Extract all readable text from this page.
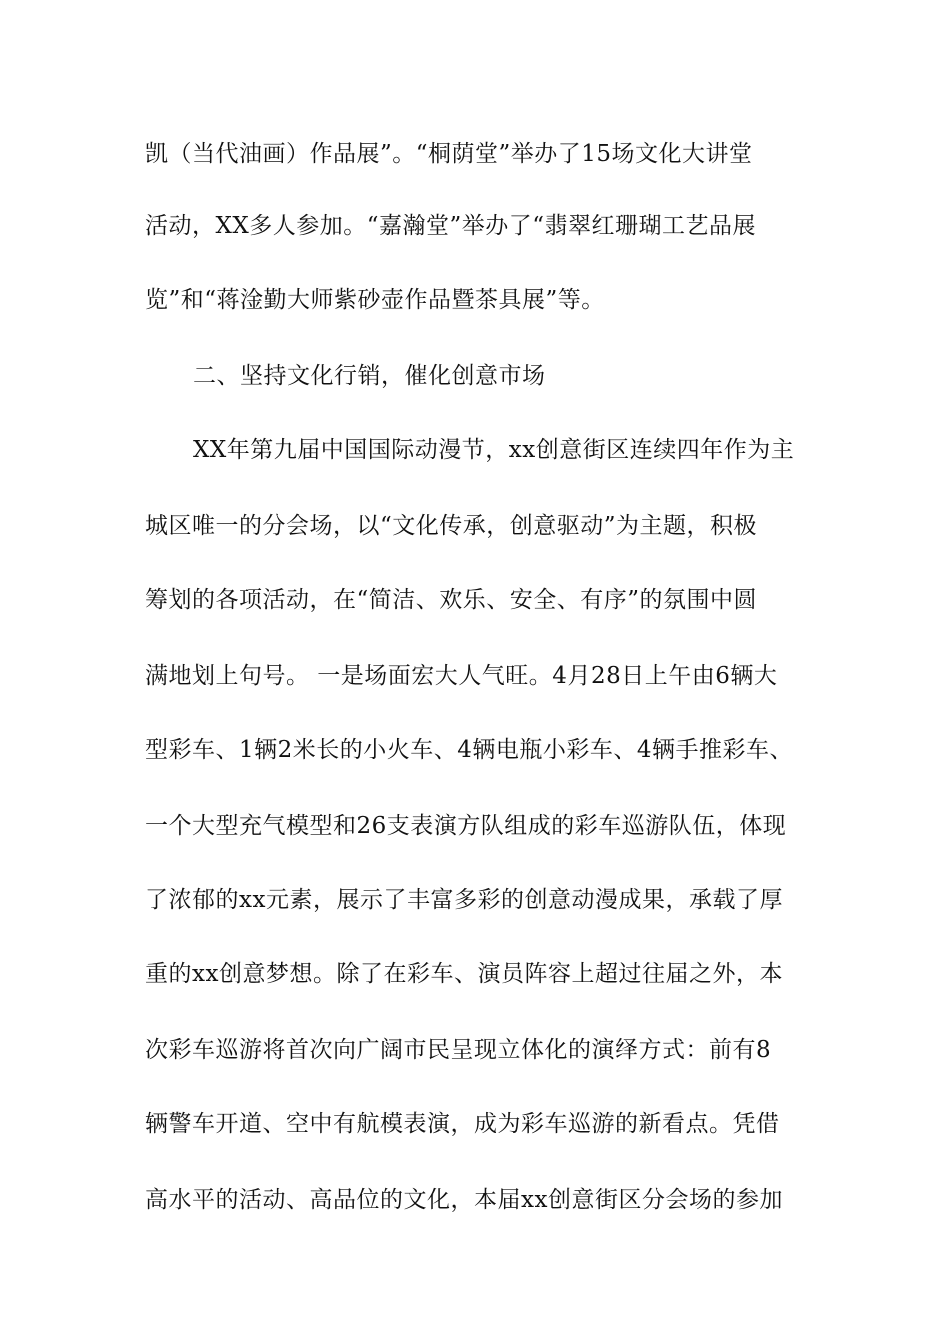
凯（当代油画）作品展”。“桐荫堂”举办了15场文化大讲堂
活动，XX多人参加。“嘉瀚堂”举办了“翡翠红珊瑚工艺品展
览”和“蒋淦勤大师紫砂壶作品暨茶具展”等。
二、坚持文化行销，催化创意市场
XX年第九届中国国际动漫节，xx创意街区连续四年作为主
城区唯一的分会场，以“文化传承，创意驱动”为主题，积极
筹划的各项活动，在“简洁、欢乐、安全、有序”的氛围中圆
满地划上句号。 一是场面宏大人气旺。4月28日上午由6辆大
型彩车、1辆2米长的小火车、4辆电瓶小彩车、4辆手推彩车、
一个大型充气模型和26支表演方队组成的彩车巡游队伍，体现
了浓郁的xx元素，展示了丰富多彩的创意动漫成果，承载了厚
重的xx创意梦想。除了在彩车、演员阵容上超过往届之外，本
次彩车巡游将首次向广阔市民呈现立体化的演绎方式：前有8
辆警车开道、空中有航模表演，成为彩车巡游的新看点。凭借
高水平的活动、高品位的文化，本届xx创意街区分会场的参加
